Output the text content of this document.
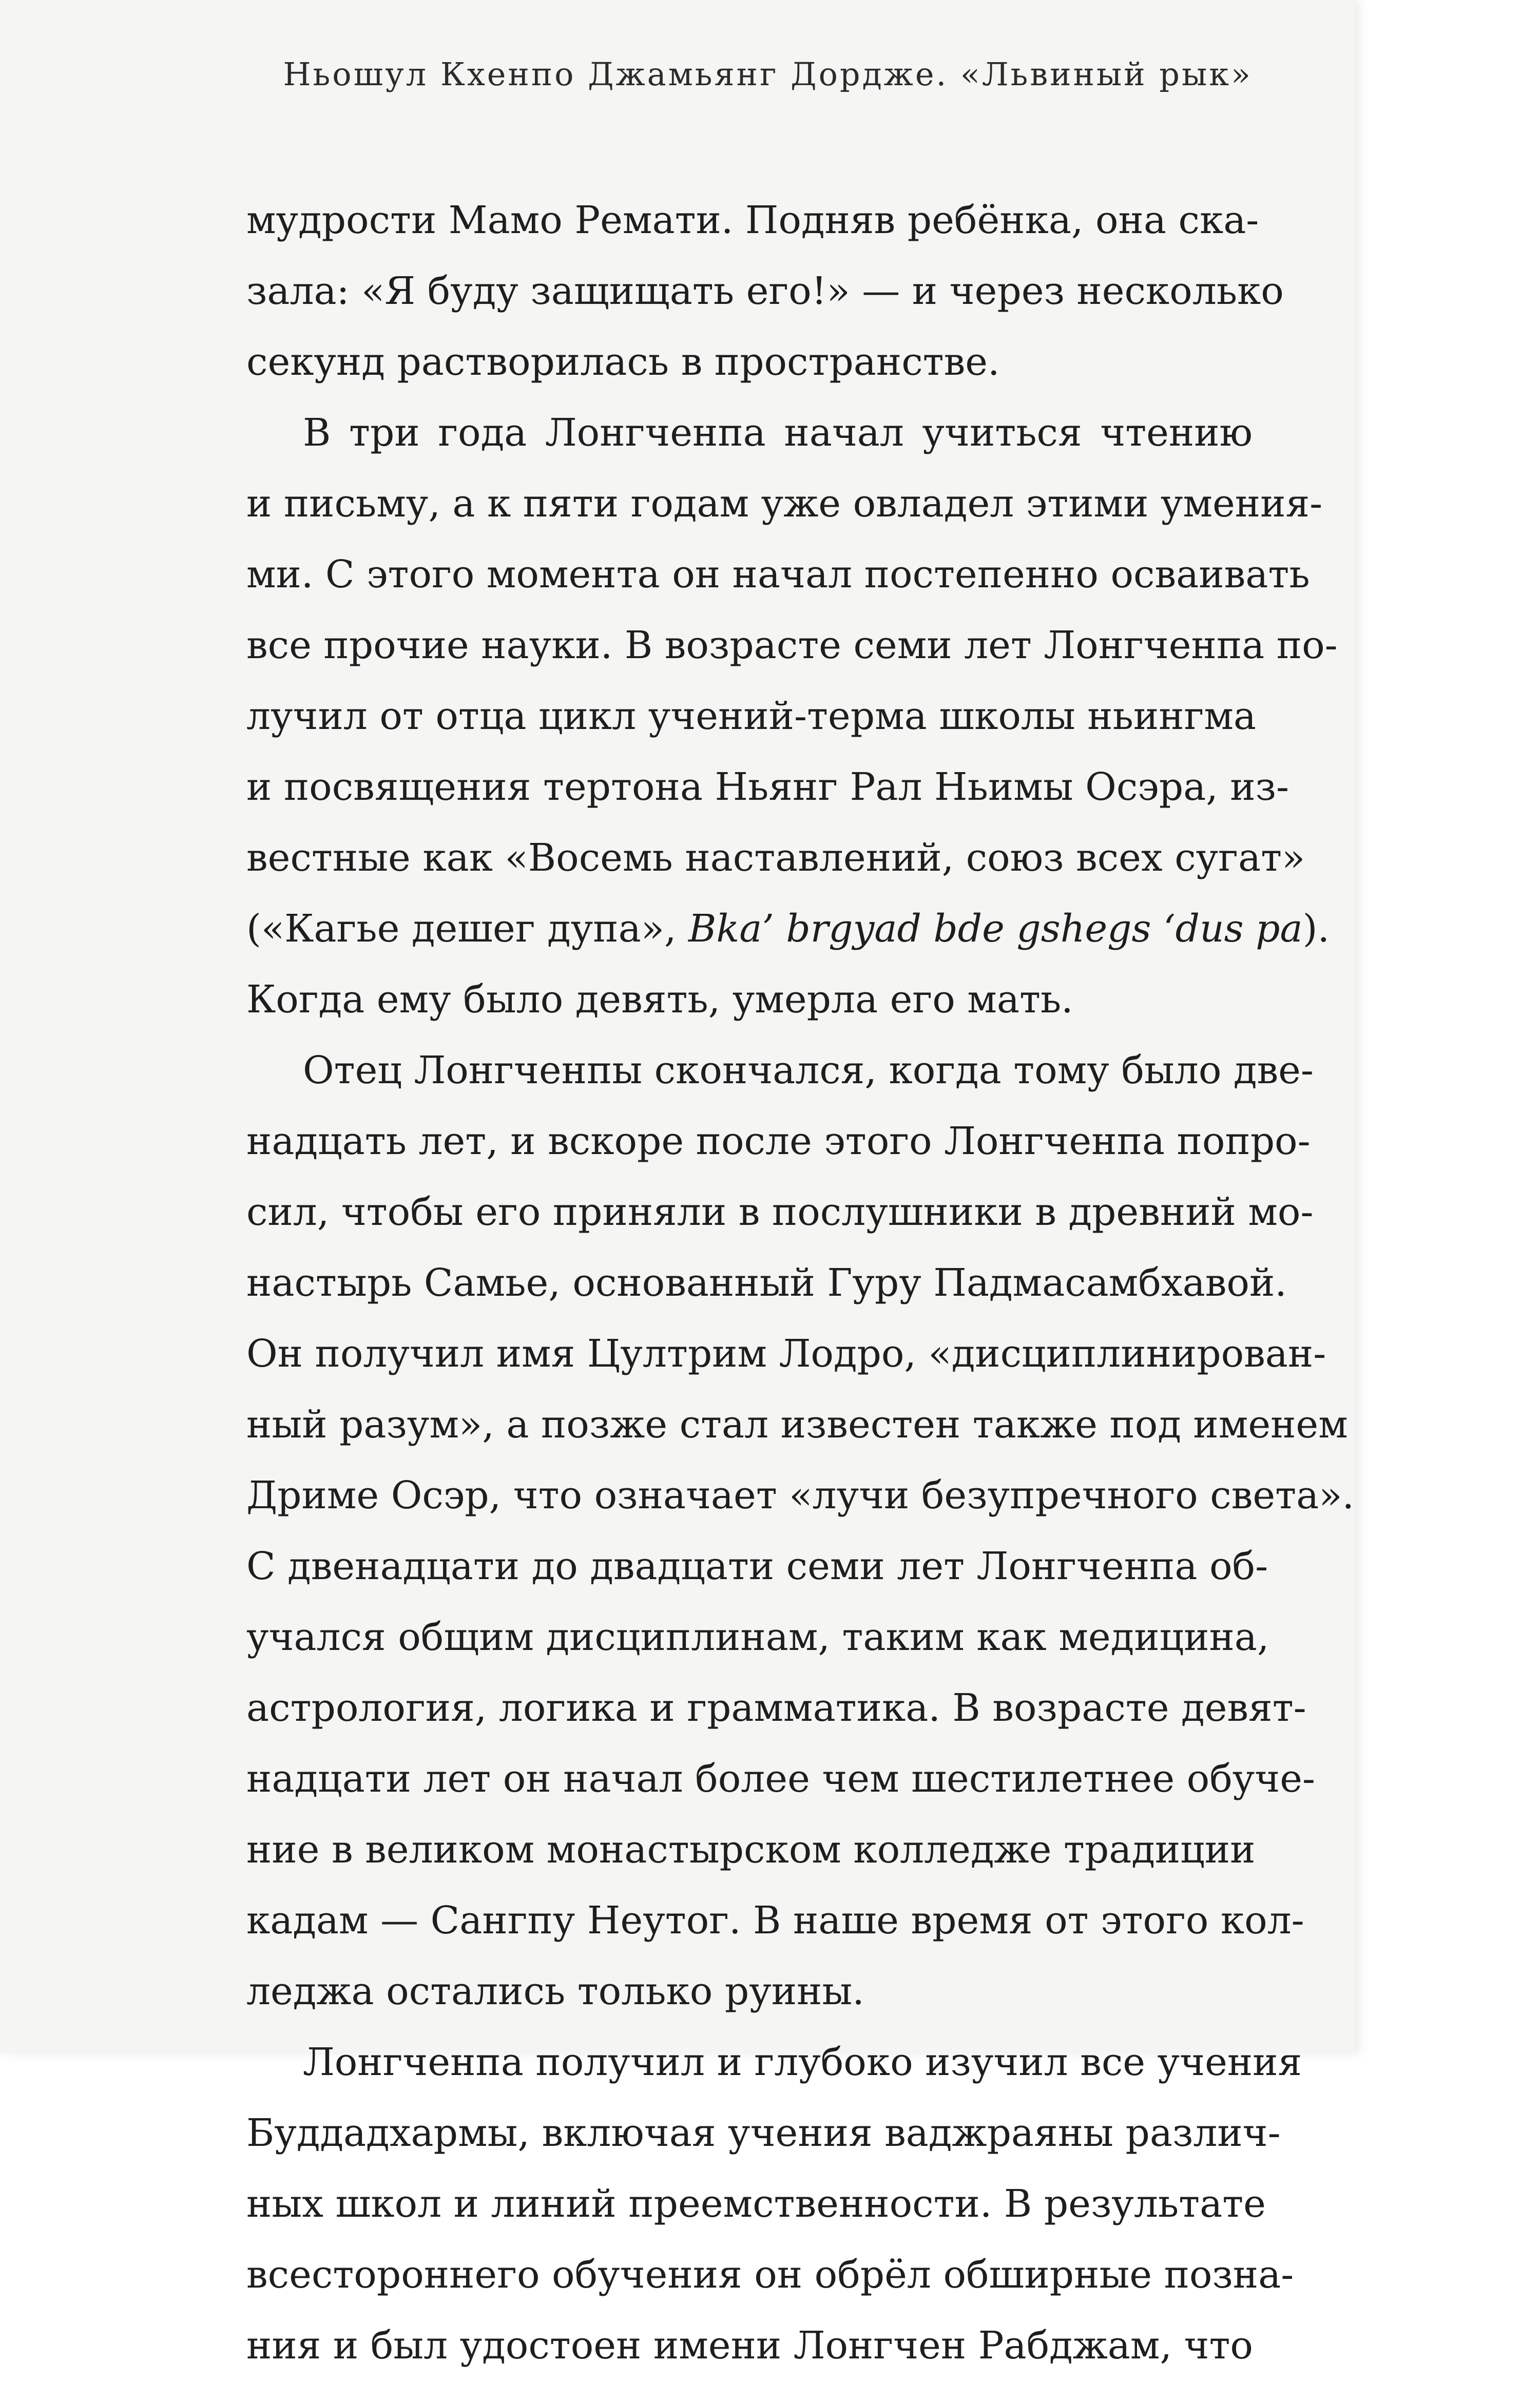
Ньошул Кхенпо Джамьянг Дордже. «Львиный рык»
мудрости Мамо Ремати. Подняв ребёнка, она ска-
зала: «Я буду защищать его!» — и через несколько
секунд растворилась в пространстве.
В три года Лонгченпа начал учиться чтению
и письму, а к пяти годам уже овладел этими умения-
ми. С этого момента он начал постепенно осваивать
все прочие науки. В возрасте семи лет Лонгченпа по-
лучил от отца цикл учений-терма школы ньингма
и посвящения тертона Ньянг Рал Ньимы Осэра, из-
вестные как «Восемь наставлений, союз всех сугат»
(«Кагье дешег дупа», Bka’ brgyad bde gshegs ‘dus pa).
Когда ему было девять, умерла его мать.
Отец Лонгченпы скончался, когда тому было две-
надцать лет, и вскоре после этого Лонгченпа попро-
сил, чтобы его приняли в послушники в древний мо-
настырь Самье, основанный Гуру Падмасамбхавой.
Он получил имя Цултрим Лодро, «дисциплинирован-
ный разум», а позже стал известен также под именем
Дриме Осэр, что означает «лучи безупречного света».
С двенадцати до двадцати семи лет Лонгченпа об-
учался общим дисциплинам, таким как медицина,
астрология, логика и грамматика. В возрасте девят-
надцати лет он начал более чем шестилетнее обуче-
ние в великом монастырском колледже традиции
кадам — Сангпу Неутог. В наше время от этого кол-
леджа остались только руины.
Лонгченпа получил и глубоко изучил все учения
Буддадхармы, включая учения ваджраяны различ-
ных школ и линий преемственности. В результате
всестороннего обучения он обрёл обширные позна-
ния и был удостоен имени Лонгчен Рабджам, что
